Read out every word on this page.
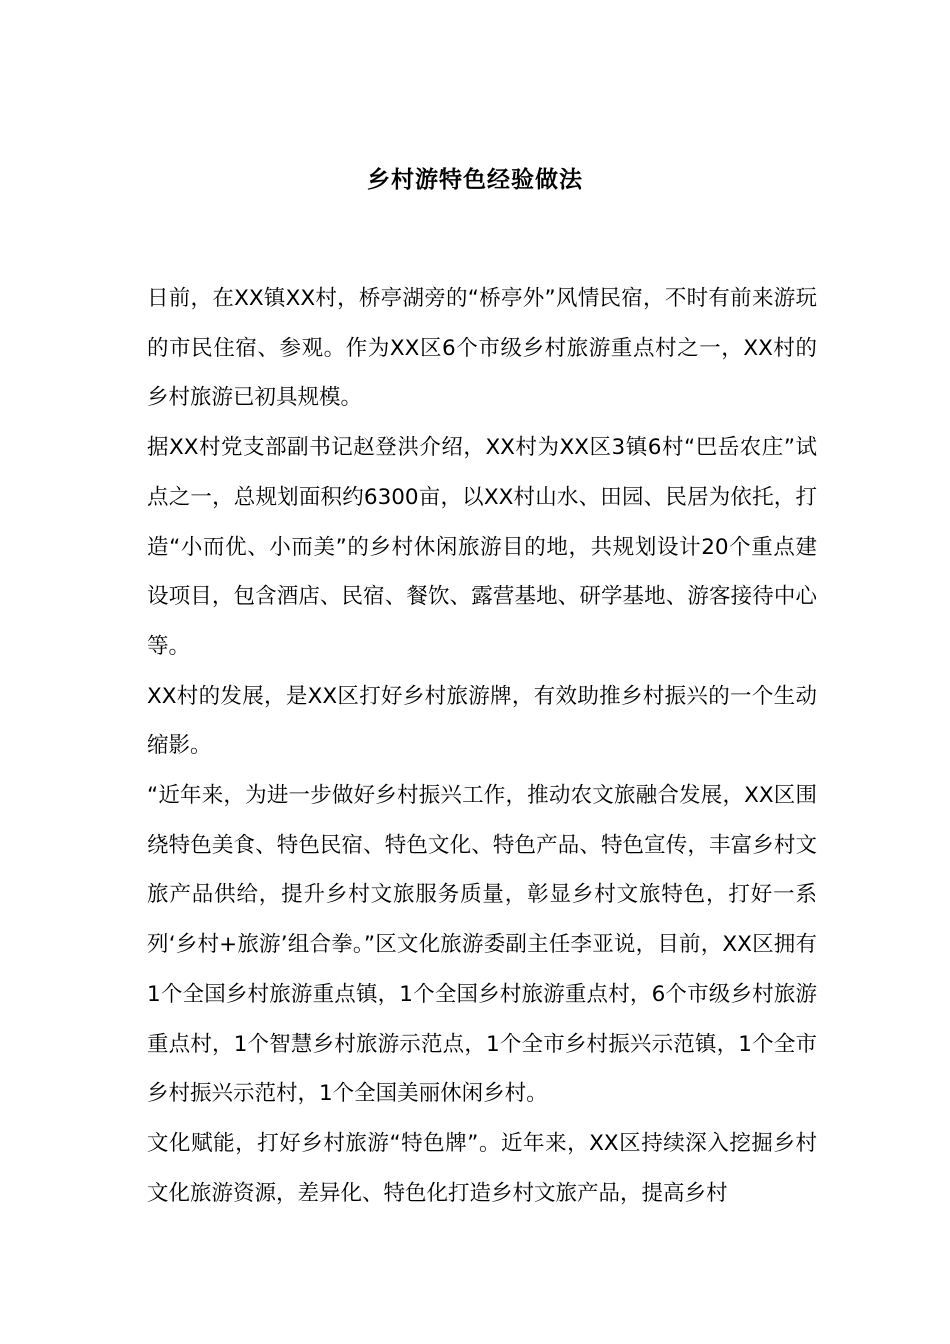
乡村游特色经验做法

日前，在XX镇XX村，桥亭湖旁的“桥亭外”风情民宿，不时有前来游玩的市民住宿、参观。作为XX区6个市级乡村旅游重点村之一，XX村的乡村旅游已初具规模。

据XX村党支部副书记赵登洪介绍，XX村为XX区3镇6村“巴岳农庄”试点之一，总规划面积约6300亩，以XX村山水、田园、民居为依托，打造“小而优、小而美”的乡村休闲旅游目的地，共规划设计20个重点建设项目，包含酒店、民宿、餐饮、露营基地、研学基地、游客接待中心等。

XX村的发展，是XX区打好乡村旅游牌，有效助推乡村振兴的一个生动缩影。

“近年来，为进一步做好乡村振兴工作，推动农文旅融合发展，XX区围绕特色美食、特色民宿、特色文化、特色产品、特色宣传，丰富乡村文旅产品供给，提升乡村文旅服务质量，彰显乡村文旅特色，打好一系列‘乡村+旅游’组合拳。”区文化旅游委副主任李亚说，目前，XX区拥有1个全国乡村旅游重点镇，1个全国乡村旅游重点村，6个市级乡村旅游重点村，1个智慧乡村旅游示范点，1个全市乡村振兴示范镇，1个全市乡村振兴示范村，1个全国美丽休闲乡村。

文化赋能，打好乡村旅游“特色牌”。近年来，XX区持续深入挖掘乡村文化旅游资源，差异化、特色化打造乡村文旅产品，提高乡村
